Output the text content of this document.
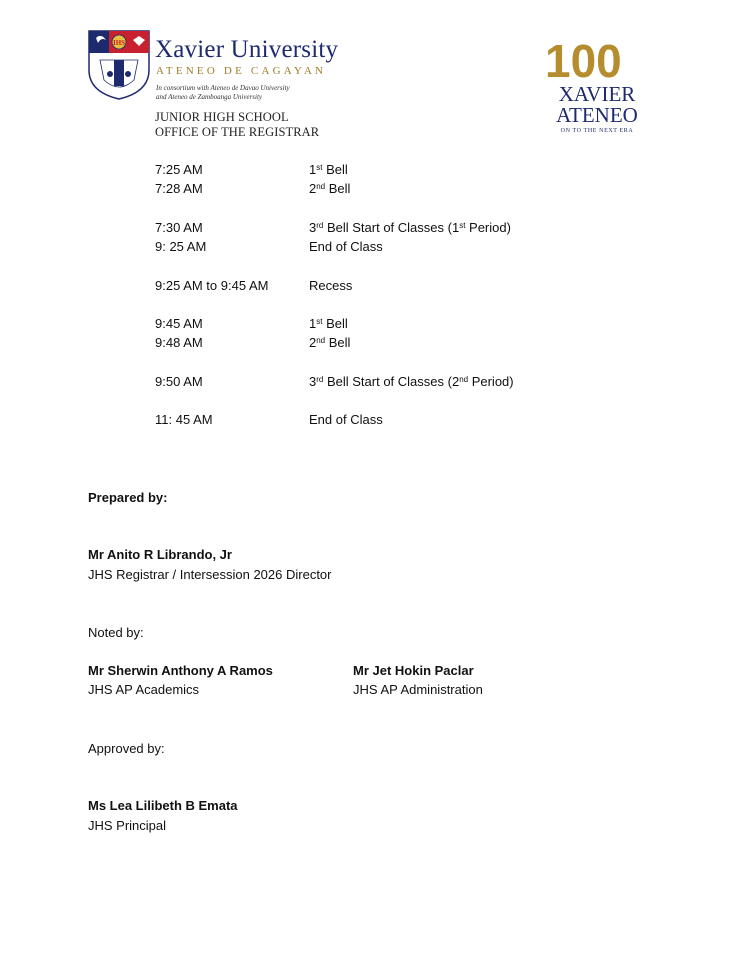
IHS Xavier University
ATENEO DE CAGAYAN
In consortium with Ateneo de Davao University
and Ateneo de Zamboanga University
JUNIOR HIGH SCHOOL
OFFICE OF THE REGISTRAR
100
XAVIER
ATENEO
ON TO THE NEXT ERA
7:25 AM	1st Bell
7:28 AM	2nd Bell
7:30 AM	3rd Bell Start of Classes (1st Period)
9: 25 AM	End of Class
9:25 AM to 9:45 AM	Recess
9:45 AM	1st Bell
9:48 AM	2nd Bell
9:50 AM	3rd Bell Start of Classes (2nd Period)
11: 45 AM	End of Class
Prepared by:
Mr Anito R Librando, Jr
JHS Registrar / Intersession 2026 Director
Noted by:
Mr Sherwin Anthony A Ramos
JHS AP Academics
Mr Jet Hokin Paclar
JHS AP Administration
Approved by:
Ms Lea Lilibeth B Emata
JHS Principal
